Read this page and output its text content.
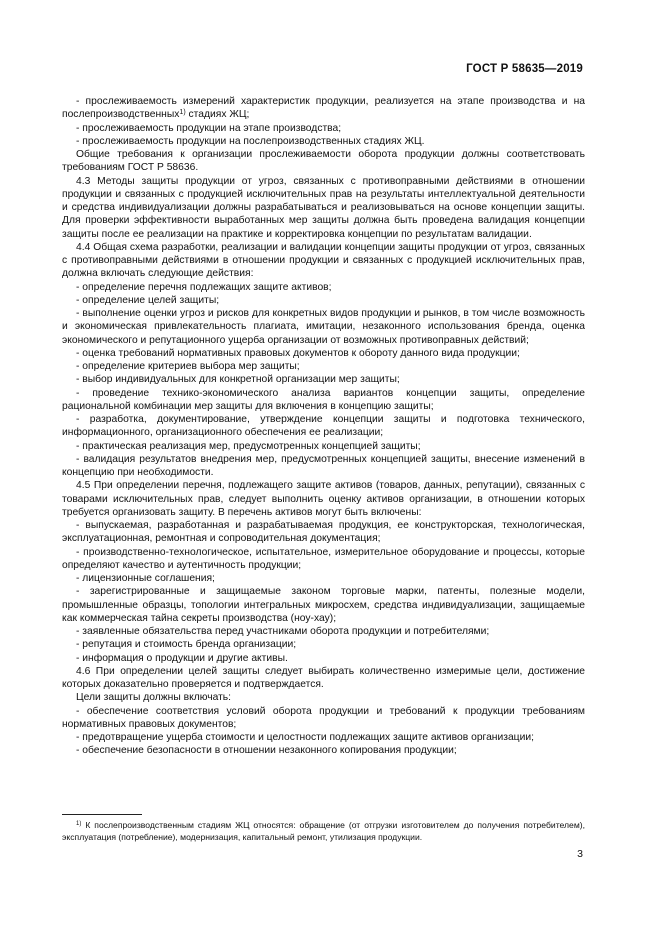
ГОСТ Р 58635—2019

- прослеживаемость измерений характеристик продукции, реализуется на этапе производства и на послепроизводственных$^{1)}$ стадиях ЖЦ;

- прослеживаемость продукции на этапе производства;

- прослеживаемость продукции на послепроизводственных стадиях ЖЦ.

Общие требования к организации прослеживаемости оборота продукции должны соответствовать требованиям ГОСТ Р 58636.

4.3 Методы защиты продукции от угроз, связанных с противоправными действиями в отношении продукции и связанных с продукцией исключительных прав на результаты интеллектуальной деятельности и средства индивидуализации должны разрабатываться и реализовываться на основе концепции защиты. Для проверки эффективности выработанных мер защиты должна быть проведена валидация концепции защиты после ее реализации на практике и корректировка концепции по результатам валидации.

4.4 Общая схема разработки, реализации и валидации концепции защиты продукции от угроз, связанных с противоправными действиями в отношении продукции и связанных с продукцией исключительных прав, должна включать следующие действия:

- определение перечня подлежащих защите активов;

- определение целей защиты;

- выполнение оценки угроз и рисков для конкретных видов продукции и рынков, в том числе возможность и экономическая привлекательность плагиата, имитации, незаконного использования бренда, оценка экономического и репутационного ущерба организации от возможных противоправных действий;

- оценка требований нормативных правовых документов к обороту данного вида продукции;

- определение критериев выбора мер защиты;

- выбор индивидуальных для конкретной организации мер защиты;

- проведение технико-экономического анализа вариантов концепции защиты, определение рациональной комбинации мер защиты для включения в концепцию защиты;

- разработка, документирование, утверждение концепции защиты и подготовка технического, информационного, организационного обеспечения ее реализации;

- практическая реализация мер, предусмотренных концепцией защиты;

- валидация результатов внедрения мер, предусмотренных концепцией защиты, внесение изменений в концепцию при необходимости.

4.5 При определении перечня, подлежащего защите активов (товаров, данных, репутации), связанных с товарами исключительных прав, следует выполнить оценку активов организации, в отношении которых требуется организовать защиту. В перечень активов могут быть включены:

- выпускаемая, разработанная и разрабатываемая продукция, ее конструкторская, технологическая, эксплуатационная, ремонтная и сопроводительная документация;

- производственно-технологическое, испытательное, измерительное оборудование и процессы, которые определяют качество и аутентичность продукции;

- лицензионные соглашения;

- зарегистрированные и защищаемые законом торговые марки, патенты, полезные модели, промышленные образцы, топологии интегральных микросхем, средства индивидуализации, защищаемые как коммерческая тайна секреты производства (ноу-хау);

- заявленные обязательства перед участниками оборота продукции и потребителями;

- репутация и стоимость бренда организации;

- информация о продукции и другие активы.

4.6 При определении целей защиты следует выбирать количественно измеримые цели, достижение которых доказательно проверяется и подтверждается.

Цели защиты должны включать:

- обеспечение соответствия условий оборота продукции и требований к продукции требованиям нормативных правовых документов;

- предотвращение ущерба стоимости и целостности подлежащих защите активов организации;

- обеспечение безопасности в отношении незаконного копирования продукции;

$^{1)}$ К послепроизводственным стадиям ЖЦ относятся: обращение (от отгрузки изготовителем до получения потребителем), эксплуатация (потребление), модернизация, капитальный ремонт, утилизация продукции.
3
